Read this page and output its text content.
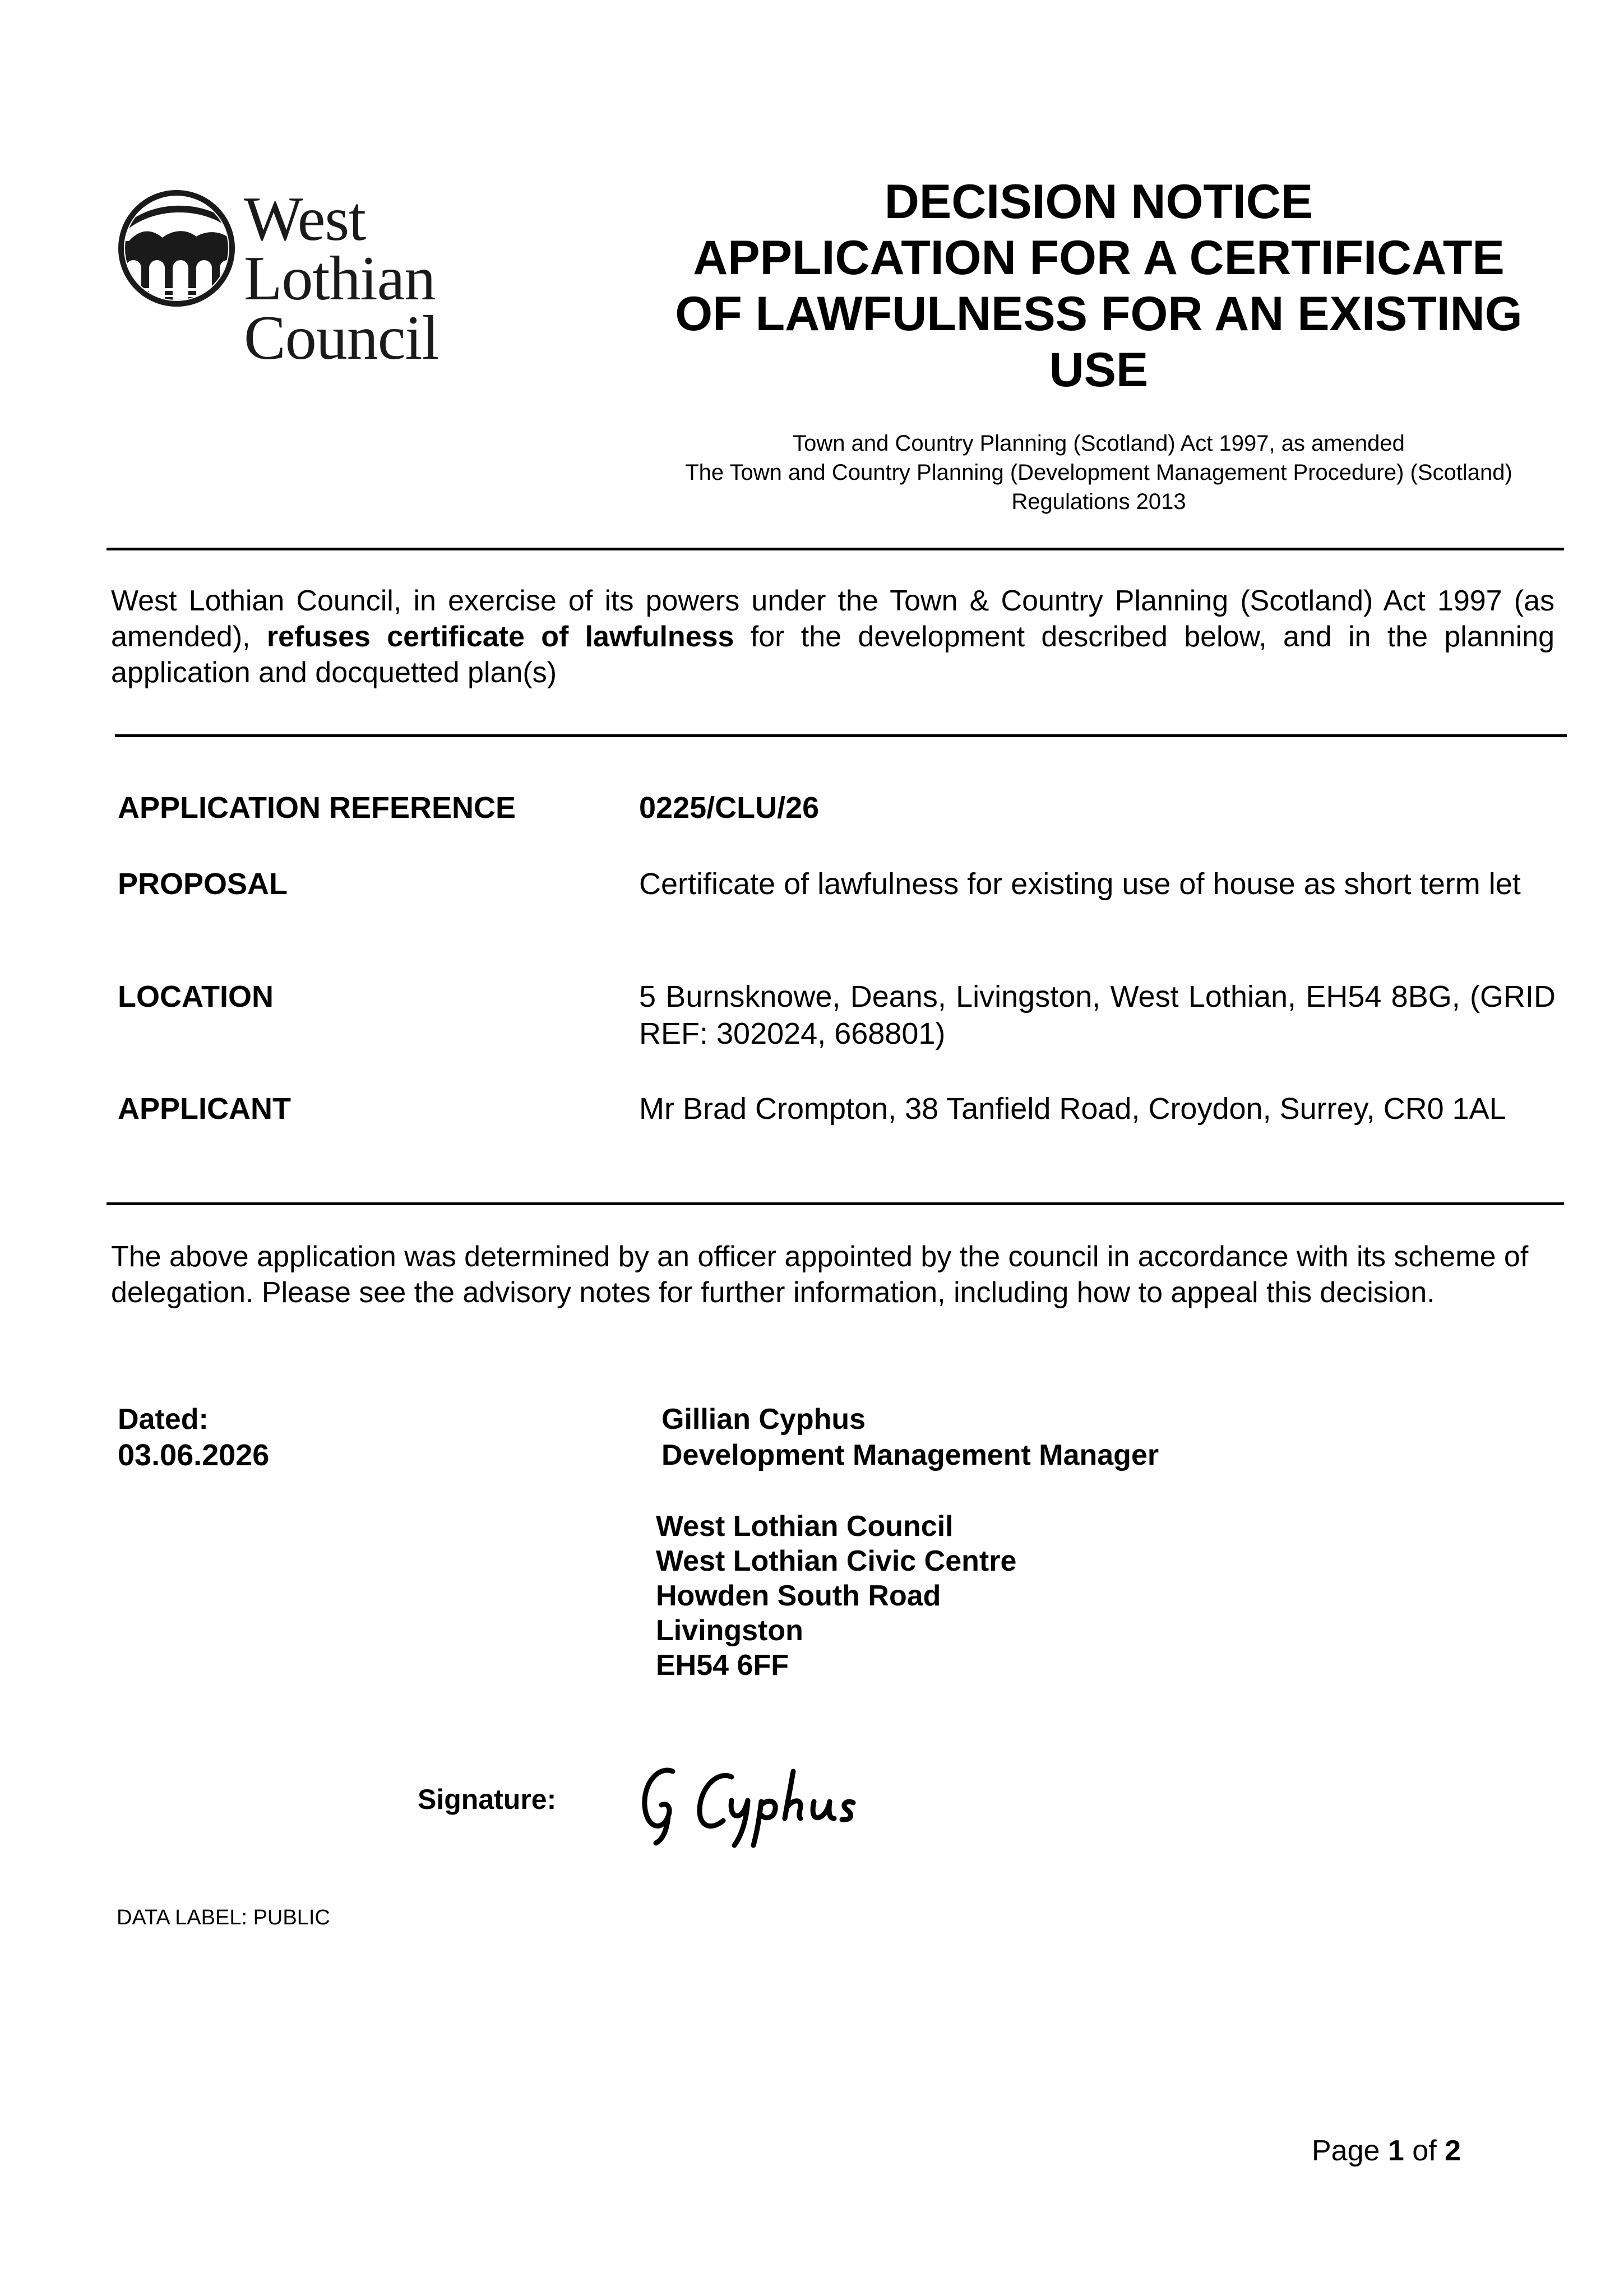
West Lothian
Council
DECISION NOTICE
APPLICATION FOR A CERTIFICATE
OF LAWFULNESS FOR AN EXISTING
USE
Town and Country Planning (Scotland) Act 1997, as amended
The Town and Country Planning (Development Management Procedure) (Scotland)
Regulations 2013
West Lothian Council, in exercise of its powers under the Town & Country Planning (Scotland) Act 1997 (as amended), refuses certificate of lawfulness for the development described below, and in the planning application and docquetted plan(s)
APPLICATION REFERENCE	0225/CLU/26
PROPOSAL	Certificate of lawfulness for existing use of house as short term let
LOCATION	5 Burnsknowe, Deans, Livingston, West Lothian, EH54 8BG, (GRID REF: 302024, 668801)
APPLICANT	Mr Brad Crompton, 38 Tanfield Road, Croydon, Surrey, CR0 1AL
The above application was determined by an officer appointed by the council in accordance with its scheme of delegation. Please see the advisory notes for further information, including how to appeal this decision.
Dated:
03.06.2026
Gillian Cyphus
Development Management Manager
West Lothian Council
West Lothian Civic Centre
Howden South Road
Livingston
EH54 6FF
Signature:
DATA LABEL: PUBLIC
Page 1 of 2
